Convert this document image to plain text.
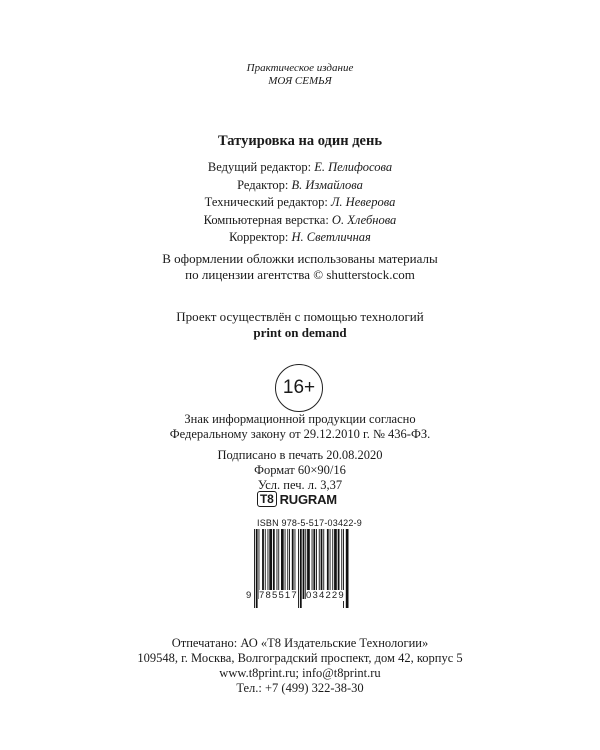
Практическое издание
МОЯ СЕМЬЯ
Татуировка на один день
Ведущий редактор: Е. Пелифосова
Редактор: В. Измайлова
Технический редактор: Л. Неверова
Компьютерная верстка: О. Хлебнова
Корректор: Н. Светличная
В оформлении обложки использованы материалы
по лицензии агентства © shutterstock.com
Проект осуществлён с помощью технологий
print on demand
16+
Знак информационной продукции согласно
Федеральному закону от 29.12.2010 г. № 436-ФЗ.
Подписано в печать 20.08.2020
Формат 60×90/16
Усл. печ. л. 3,37
T8 RUGRAM
ISBN 978-5-517-03422-9
9 785517 034229
Отпечатано: АО «Т8 Издательские Технологии»
109548, г. Москва, Волгоградский проспект, дом 42, корпус 5
www.t8print.ru; info@t8print.ru
Тел.: +7 (499) 322-38-30
